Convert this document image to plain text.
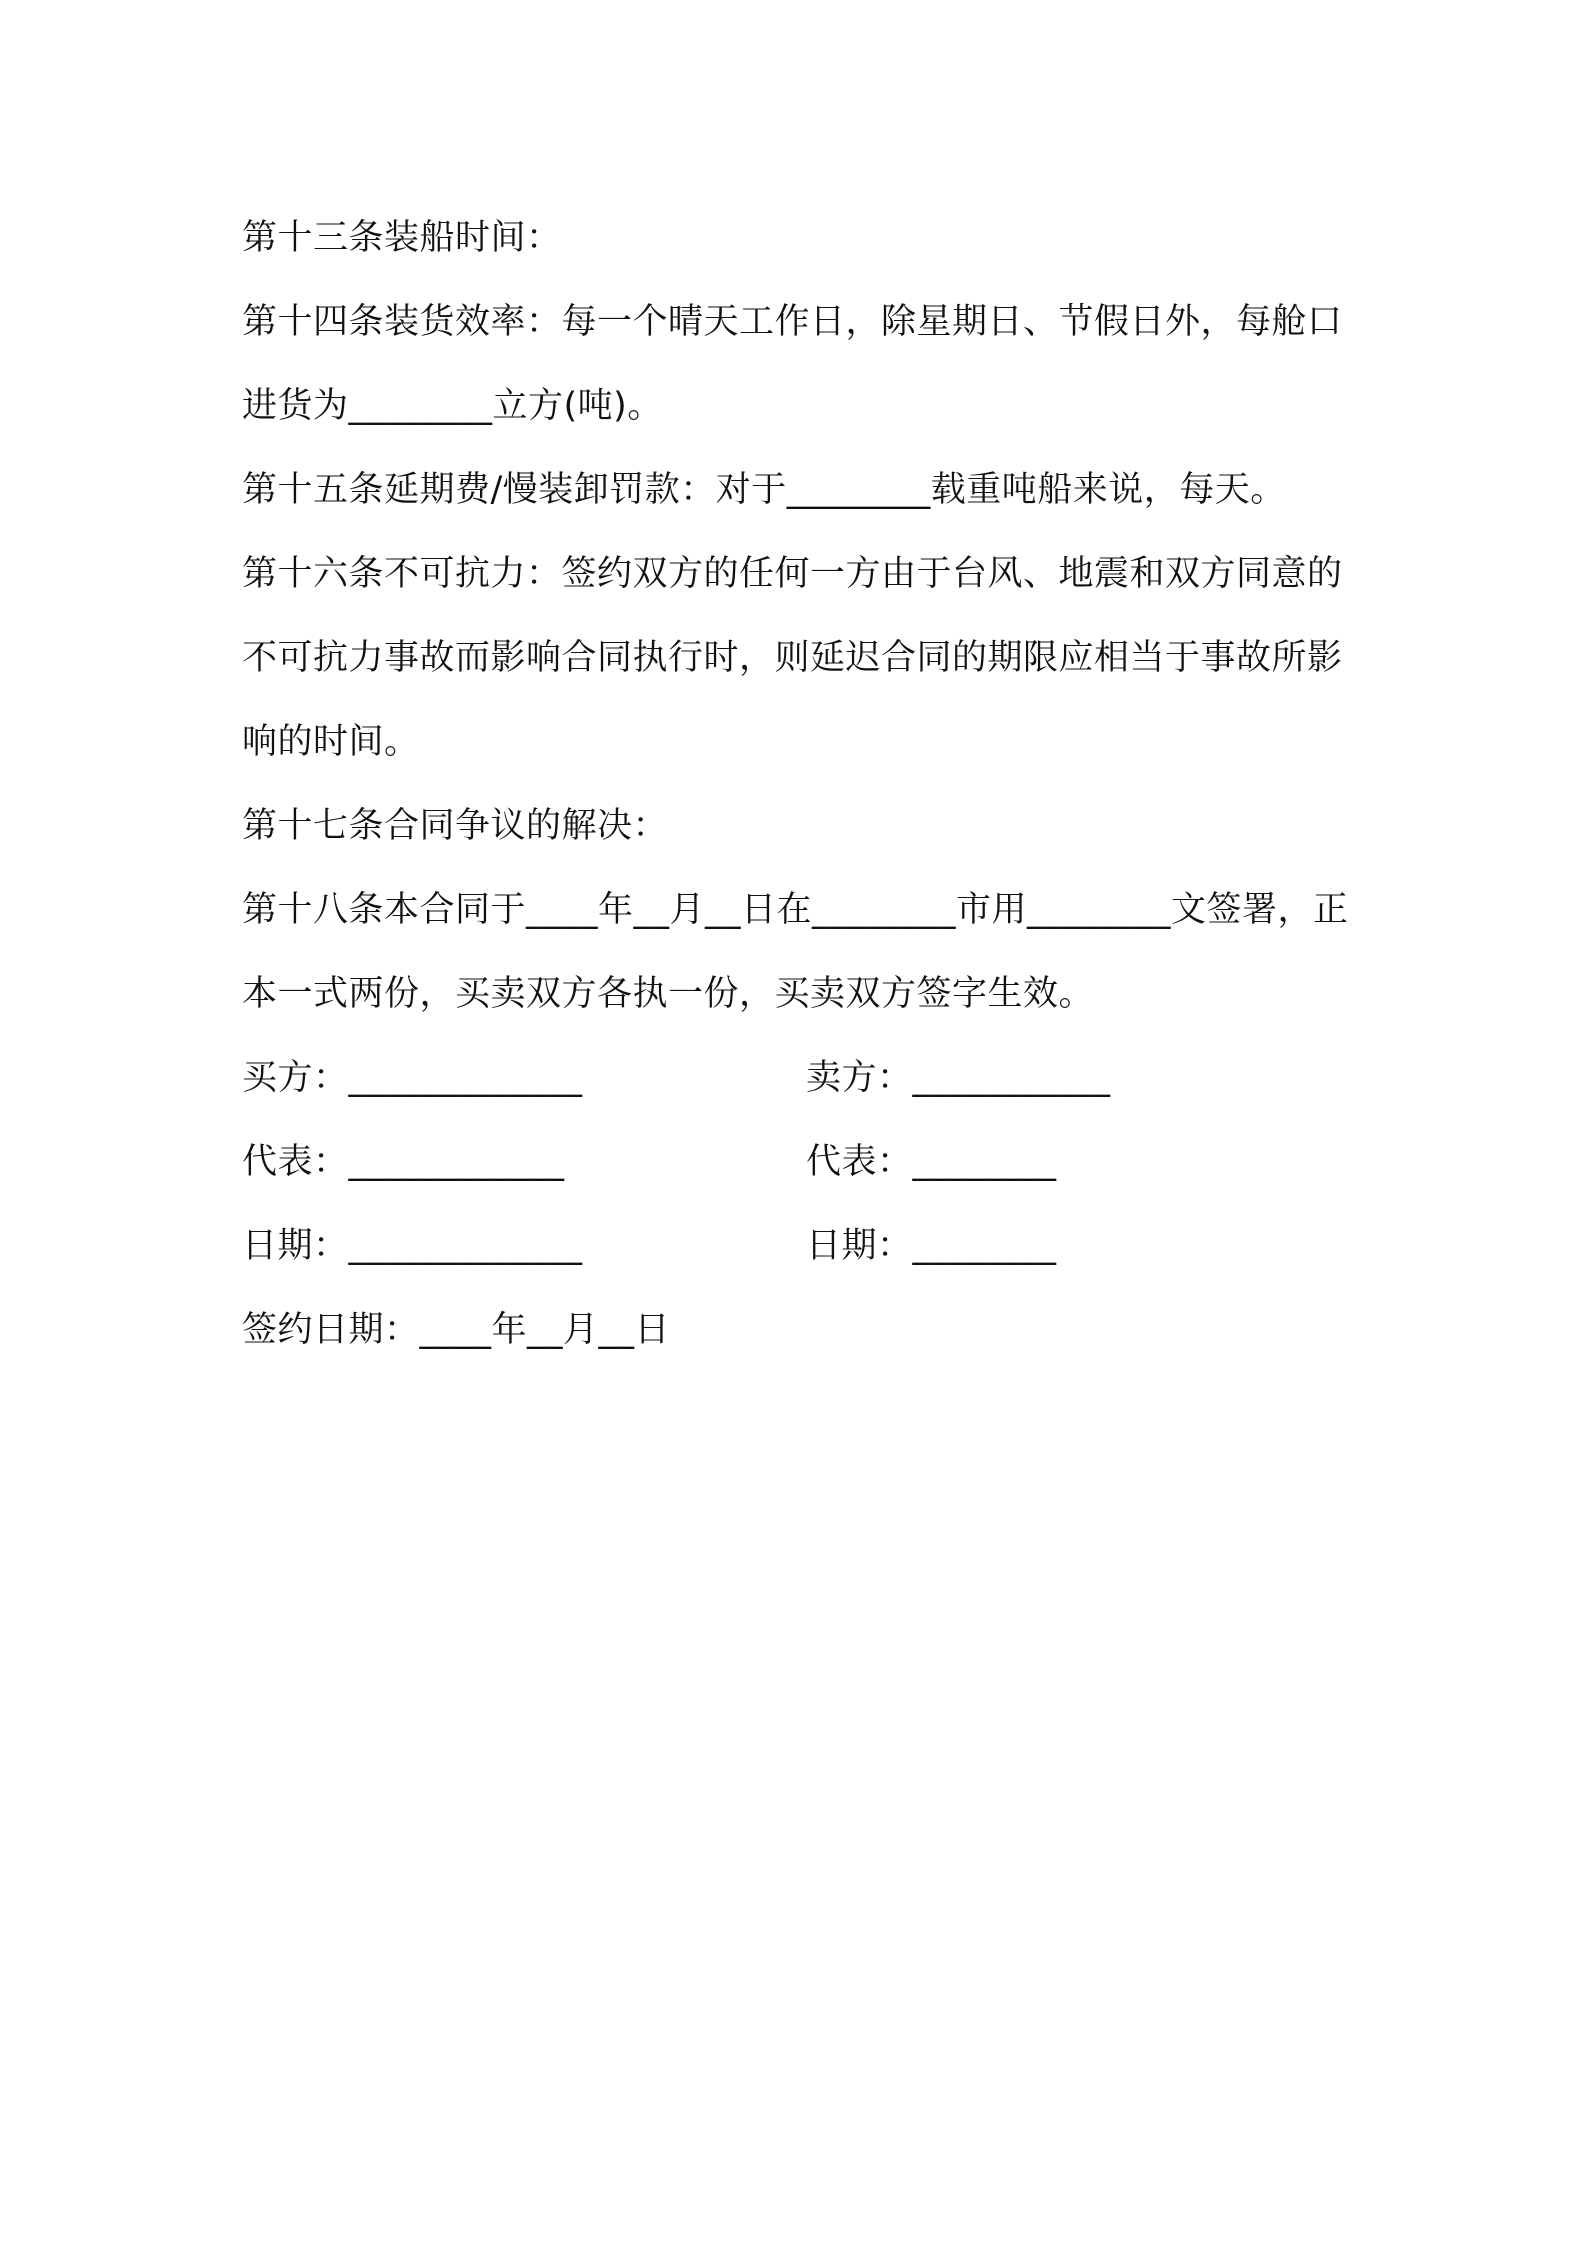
第十三条装船时间：

第十四条装货效率：每一个晴天工作日，除星期日、节假日外，每舱口进货为________立方(吨)。

第十五条延期费/慢装卸罚款：对于________载重吨船来说，每天。

第十六条不可抗力：签约双方的任何一方由于台风、地震和双方同意的不可抗力事故而影响合同执行时，则延迟合同的期限应相当于事故所影响的时间。

第十七条合同争议的解决：

第十八条本合同于____年__月__日在________市用________文签署，正本一式两份，买卖双方各执一份，买卖双方签字生效。

买方：_____________	卖方：___________
代表：____________	代表：________
日期：_____________	日期：________

签约日期：____年__月__日
